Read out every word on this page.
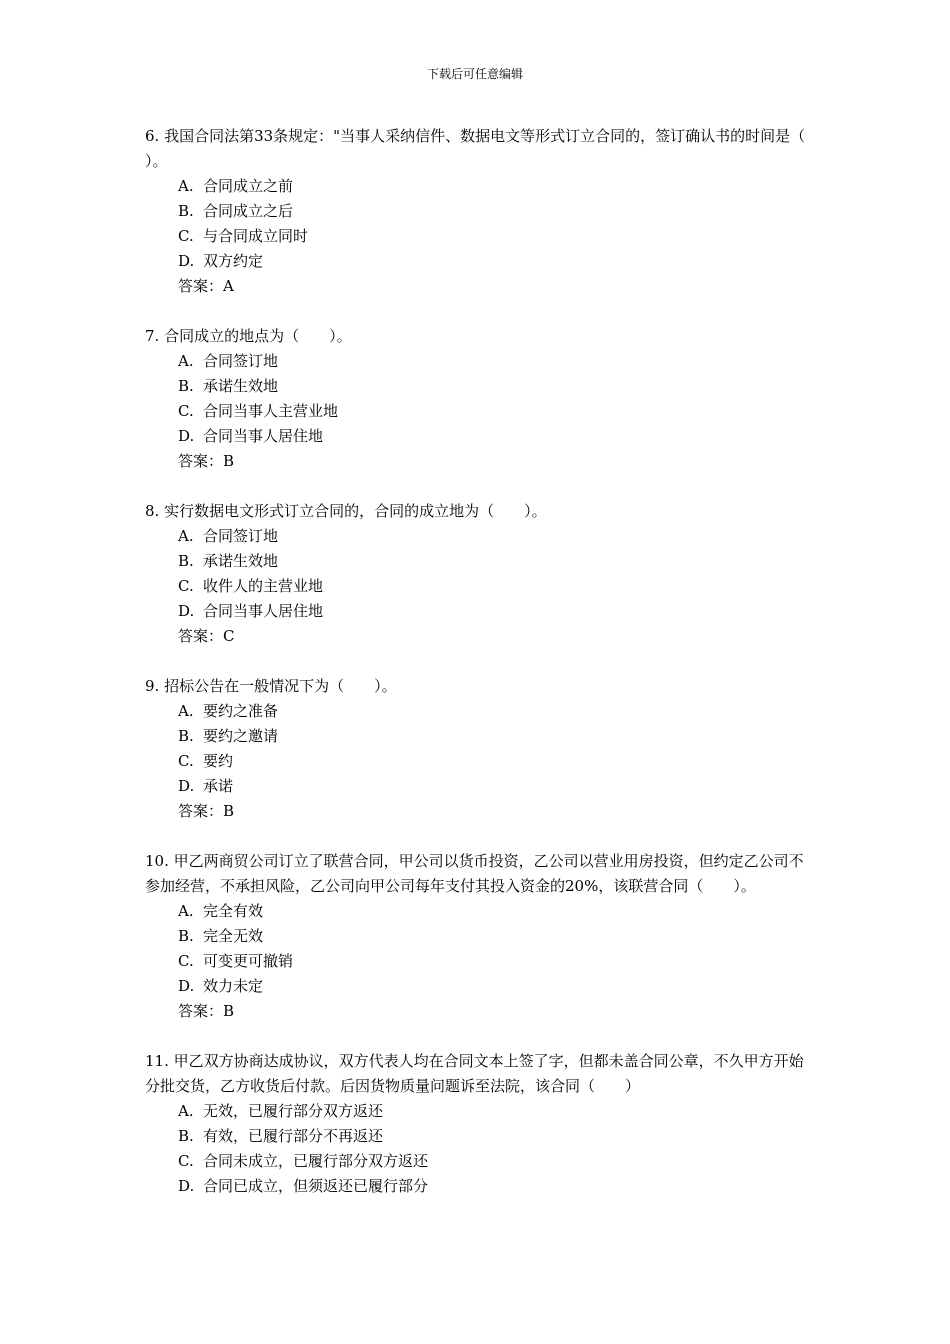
下载后可任意编辑
6. 我国合同法第33条规定："当事人采纳信件、数据电文等形式订立合同的，签订确认书的时间是（　　）。
A. 合同成立之前
B. 合同成立之后
C. 与合同成立同时
D. 双方约定
答案：A
7. 合同成立的地点为（　　）。
A. 合同签订地
B. 承诺生效地
C. 合同当事人主营业地
D. 合同当事人居住地
答案：B
8. 实行数据电文形式订立合同的，合同的成立地为（　　）。
A. 合同签订地
B. 承诺生效地
C. 收件人的主营业地
D. 合同当事人居住地
答案：C
9. 招标公告在一般情况下为（　　）。
A. 要约之准备
B. 要约之邀请
C. 要约
D. 承诺
答案：B
10. 甲乙两商贸公司订立了联营合同，甲公司以货币投资，乙公司以营业用房投资，但约定乙公司不参加经营，不承担风险，乙公司向甲公司每年支付其投入资金的20%，该联营合同（　　）。
A. 完全有效
B. 完全无效
C. 可变更可撤销
D. 效力未定
答案：B
11. 甲乙双方协商达成协议，双方代表人均在合同文本上签了字，但都未盖合同公章，不久甲方开始分批交货，乙方收货后付款。后因货物质量问题诉至法院，该合同（　　）
A. 无效，已履行部分双方返还
B. 有效，已履行部分不再返还
C. 合同未成立，已履行部分双方返还
D. 合同已成立，但须返还已履行部分
